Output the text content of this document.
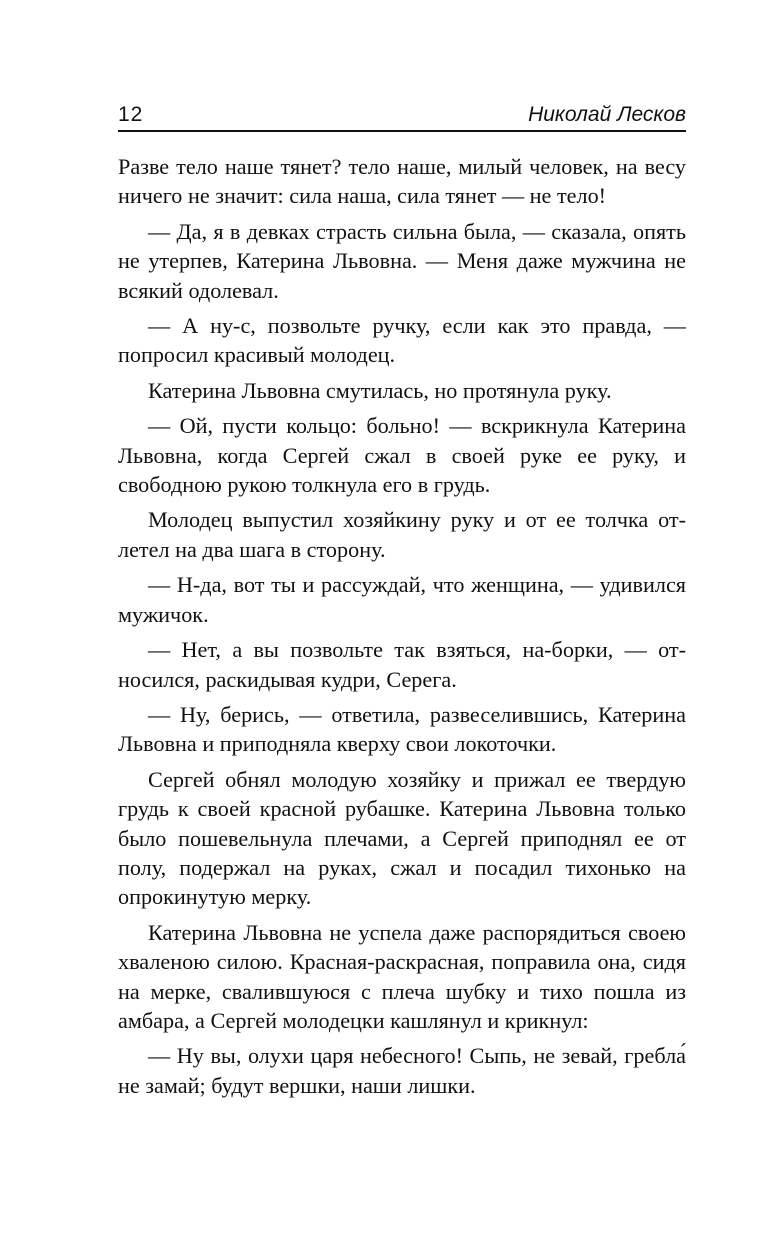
12	Николай Лесков

Разве тело наше тянет? тело наше, милый человек, на весу ничего не значит: сила наша, сила тянет — не тело!

— Да, я в девках страсть сильна была, — сказала, опять не утерпев, Катерина Львовна. — Меня даже мужчина не всякий одолевал.

— А ну-с, позвольте ручку, если как это правда, — попросил красивый молодец.

Катерина Львовна смутилась, но протянула руку.

— Ой, пусти кольцо: больно! — вскрикнула Катерина Львовна, когда Сергей сжал в своей руке ее руку, и свободною рукою толкнула его в грудь.

Молодец выпустил хозяйкину руку и от ее толчка отлетел на два шага в сторону.

— Н-да, вот ты и рассуждай, что женщина, — удивился мужичок.

— Нет, а вы позвольте так взяться, на-борки, — относился, раскидывая кудри, Серега.

— Ну, берись, — ответила, развеселившись, Катерина Львовна и приподняла кверху свои локоточки.

Сергей обнял молодую хозяйку и прижал ее твердую грудь к своей красной рубашке. Катерина Львовна только было пошевельнула плечами, а Сергей приподнял ее от полу, подержал на руках, сжал и посадил тихонько на опрокинутую мерку.

Катерина Львовна не успела даже распорядиться своею хваленою силою. Красная-раскрасная, поправила она, сидя на мерке, свалившуюся с плеча шубку и тихо пошла из амбара, а Сергей молодецки кашлянул и крикнул:

— Ну вы, олухи царя небесного! Сыпь, не зевай, гребла́ не замай; будут вершки, наши лишки.
